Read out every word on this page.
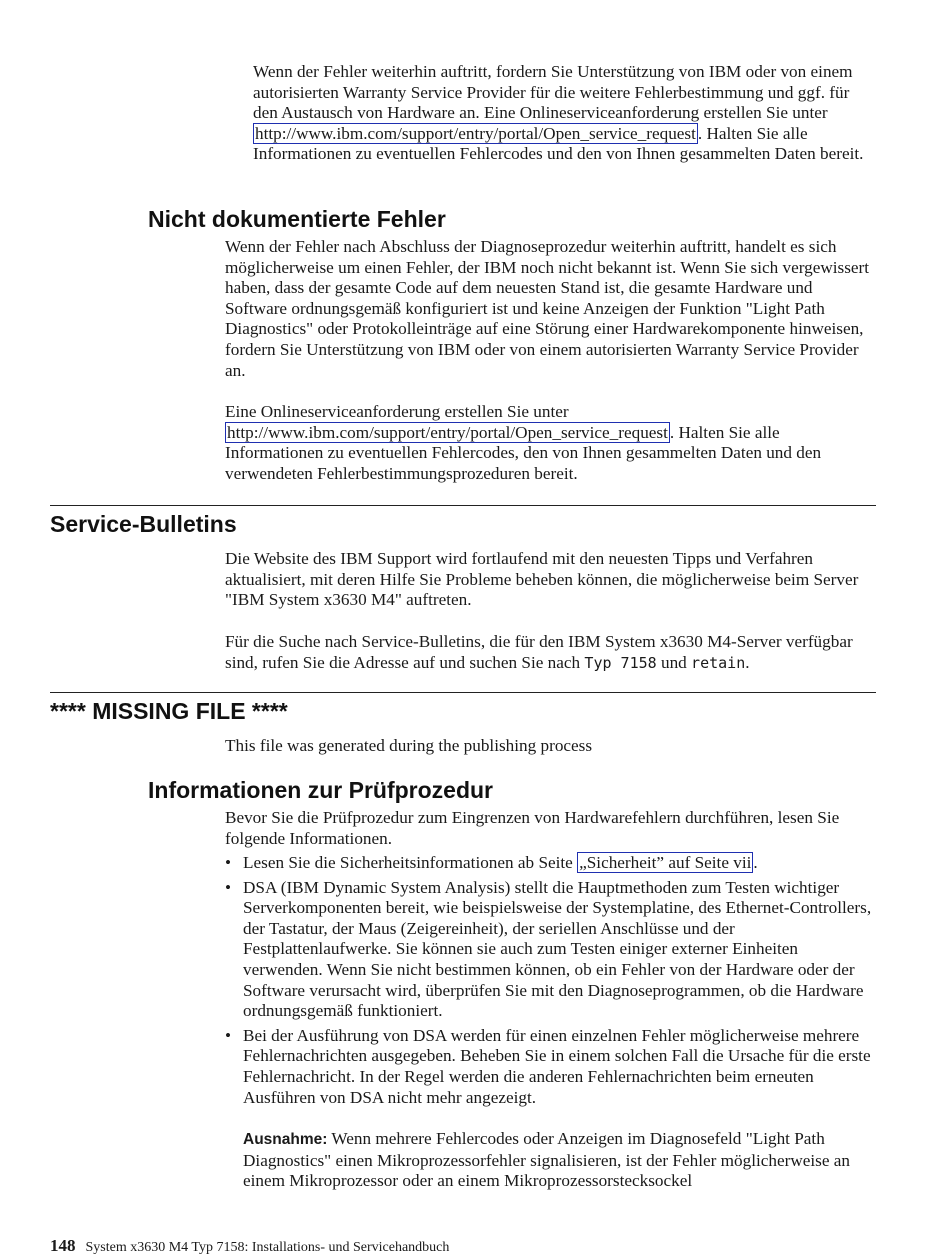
Wenn der Fehler weiterhin auftritt, fordern Sie Unterstützung von IBM oder von einem autorisierten Warranty Service Provider für die weitere Fehlerbestimmung und ggf. für den Austausch von Hardware an. Eine Onlineserviceanforderung erstellen Sie unter http://www.ibm.com/support/entry/portal/Open_service_request . Halten Sie alle Informationen zu eventuellen Fehlercodes und den von Ihnen gesammelten Daten bereit.

Nicht dokumentierte Fehler

Wenn der Fehler nach Abschluss der Diagnoseprozedur weiterhin auftritt, handelt es sich möglicherweise um einen Fehler, der IBM noch nicht bekannt ist. Wenn Sie sich vergewissert haben, dass der gesamte Code auf dem neuesten Stand ist, die gesamte Hardware und Software ordnungsgemäß konfiguriert ist und keine Anzeigen der Funktion "Light Path Diagnostics" oder Protokolleinträge auf eine Störung einer Hardwarekomponente hinweisen, fordern Sie Unterstützung von IBM oder von einem autorisierten Warranty Service Provider an.

Eine Onlineserviceanforderung erstellen Sie unter http://www.ibm.com/support/entry/portal/Open_service_request . Halten Sie alle Informationen zu eventuellen Fehlercodes, den von Ihnen gesammelten Daten und den verwendeten Fehlerbestimmungsprozeduren bereit.

Service-Bulletins

Die Website des IBM Support wird fortlaufend mit den neuesten Tipps und Verfahren aktualisiert, mit deren Hilfe Sie Probleme beheben können, die möglicherweise beim Server "IBM System x3630 M4" auftreten.

Für die Suche nach Service-Bulletins, die für den IBM System x3630 M4-Server verfügbar sind, rufen Sie die Adresse auf und suchen Sie nach Typ 7158 und retain.

**** MISSING FILE ****

This file was generated during the publishing process

Informationen zur Prüfprozedur

Bevor Sie die Prüfprozedur zum Eingrenzen von Hardwarefehlern durchführen, lesen Sie folgende Informationen.

• Lesen Sie die Sicherheitsinformationen ab Seite „Sicherheit” auf Seite vii .
• DSA (IBM Dynamic System Analysis) stellt die Hauptmethoden zum Testen wichtiger Serverkomponenten bereit, wie beispielsweise der Systemplatine, des Ethernet-Controllers, der Tastatur, der Maus (Zeigereinheit), der seriellen Anschlüsse und der Festplattenlaufwerke. Sie können sie auch zum Testen einiger externer Einheiten verwenden. Wenn Sie nicht bestimmen können, ob ein Fehler von der Hardware oder der Software verursacht wird, überprüfen Sie mit den Diagnoseprogrammen, ob die Hardware ordnungsgemäß funktioniert.
• Bei der Ausführung von DSA werden für einen einzelnen Fehler möglicherweise mehrere Fehlernachrichten ausgegeben. Beheben Sie in einem solchen Fall die Ursache für die erste Fehlernachricht. In der Regel werden die anderen Fehlernachrichten beim erneuten Ausführen von DSA nicht mehr angezeigt.
Ausnahme: Wenn mehrere Fehlercodes oder Anzeigen im Diagnosefeld "Light Path Diagnostics" einen Mikroprozessorfehler signalisieren, ist der Fehler möglicherweise an einem Mikroprozessor oder an einem Mikroprozessorstecksockel
148 System x3630 M4 Typ 7158: Installations- und Servicehandbuch
